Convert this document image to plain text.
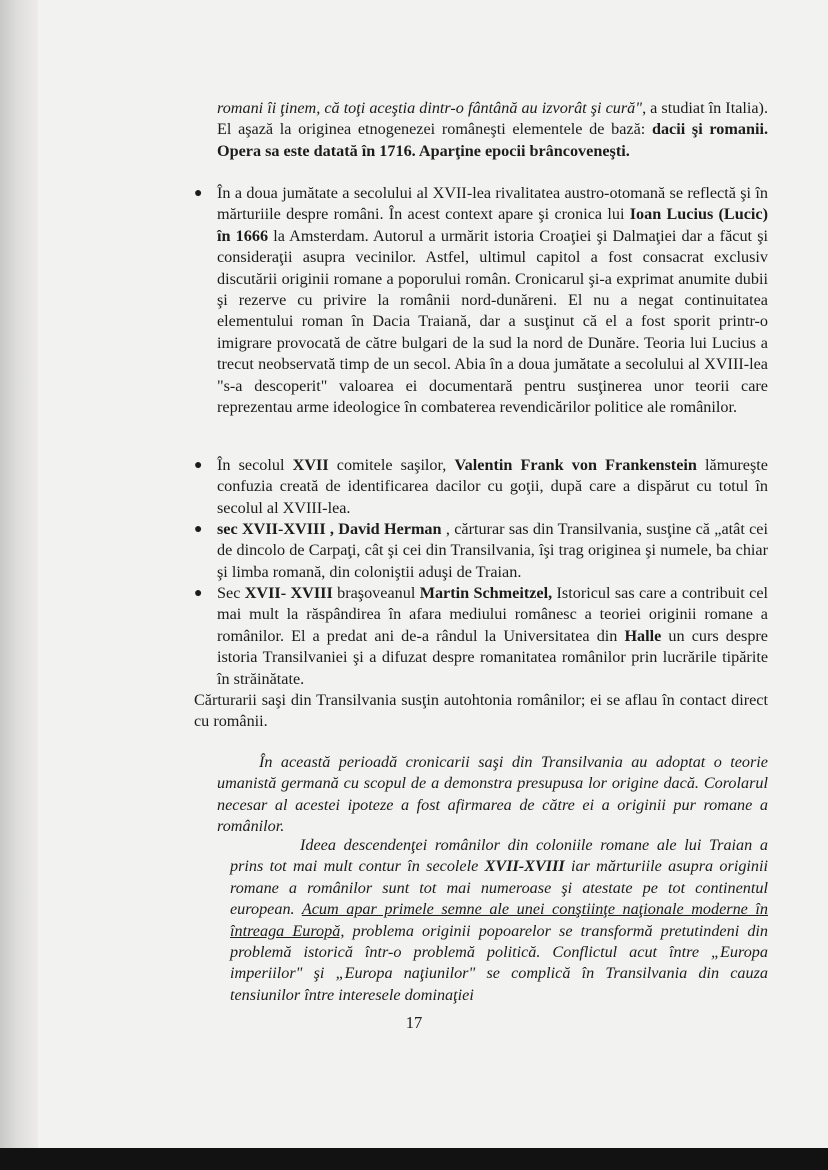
romani îi ţinem, că toţi aceştia dintr-o fântână au izvorât şi cură", a studiat în Italia). El aşază la originea etnogenezei româneşti elementele de bază: dacii şi romanii. Opera sa este datată în 1716. Aparţine epocii brâncoveneşti.

● În a doua jumătate a secolului al XVII-lea rivalitatea austro-otomană se reflectă şi în mărturiile despre români. În acest context apare şi cronica lui Ioan Lucius (Lucic) în 1666 la Amsterdam. Autorul a urmărit istoria Croaţiei şi Dalmaţiei dar a făcut şi consideraţii asupra vecinilor. Astfel, ultimul capitol a fost consacrat exclusiv discutării originii romane a poporului român. Cronicarul şi-a exprimat anumite dubii şi rezerve cu privire la românii nord-dunăreni. El nu a negat continuitatea elementului roman în Dacia Traiană, dar a susţinut că el a fost sporit printr-o imigrare provocată de către bulgari de la sud la nord de Dunăre. Teoria lui Lucius a trecut neobservată timp de un secol. Abia în a doua jumătate a secolului al XVIII-lea "s-a descoperit" valoarea ei documentară pentru susţinerea unor teorii care reprezentau arme ideologice în combaterea revendicărilor politice ale românilor.

● În secolul XVII comitele saşilor, Valentin Frank von Frankenstein lămureşte confuzia creată de identificarea dacilor cu goţii, după care a dispărut cu totul în secolul al XVIII-lea.

● sec XVII-XVIII , David Herman , cărturar sas din Transilvania, susţine că „atât cei de dincolo de Carpaţi, cât şi cei din Transilvania, îşi trag originea şi numele, ba chiar şi limba romană, din coloniştii aduşi de Traian.

● Sec XVII- XVIII braşoveanul Martin Schmeitzel, Istoricul sas care a contribuit cel mai mult la răspândirea în afara mediului românesc a teoriei originii romane a românilor. El a predat ani de-a rândul la Universitatea din Halle un curs despre istoria Transilvaniei şi a difuzat despre romanitatea românilor prin lucrările tipărite în străinătate.

Cărturarii saşi din Transilvania susţin autohtonia românilor; ei se aflau în contact direct cu românii.

În această perioadă cronicarii saşi din Transilvania au adoptat o teorie umanistă germană cu scopul de a demonstra presupusa lor origine dacă. Corolarul necesar al acestei ipoteze a fost afirmarea de către ei a originii pur romane a românilor.

Ideea descendenţei românilor din coloniile romane ale lui Traian a prins tot mai mult contur în secolele XVII-XVIII iar mărturiile asupra originii romane a românilor sunt tot mai numeroase şi atestate pe tot continentul european. Acum apar primele semne ale unei conştiinţe naţionale moderne în întreaga Europă, problema originii popoarelor se transformă pretutindeni din problemă istorică într-o problemă politică. Conflictul acut între „Europa imperiilor" şi „Europa naţiunilor" se complică în Transilvania din cauza tensiunilor între interesele dominaţiei

17
